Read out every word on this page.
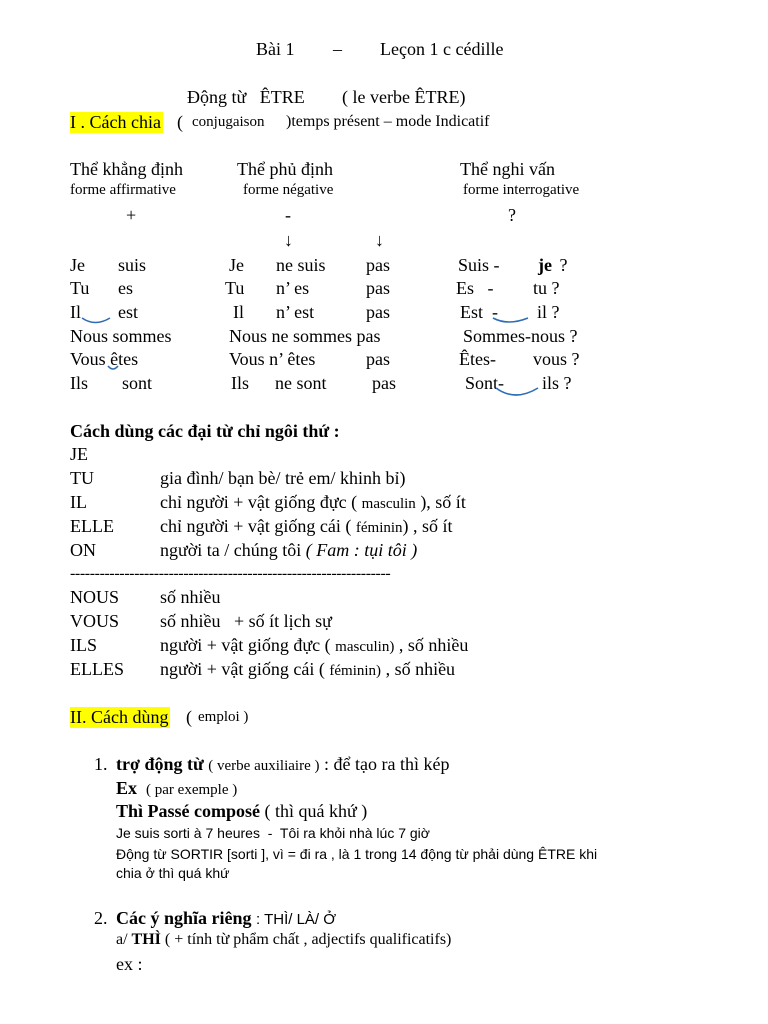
Bài 1 – Leçon 1 c cédille
Động từ   ÊTRE ( le verbe ÊTRE)
I . Cách chia ( conjugaison )temps présent – mode Indicatif
Thể khẳng định
forme affirmative
+
Thể phủ định
forme négative
-
↓	↓
Thể nghi vấn
forme interrogative
?
Je suis	Je ne suis pas	Suis - je ?
Tu es	Tu n’ es	pas	Es   - tu ?
Il est	Il n’ est	pas	Est  - il ?
Nous sommes	Nous ne sommes pas	Sommes-nous ?
Vous êtes	Vous n’ êtes	pas	Êtes- vous ?
Ils sont	Ils ne sont	pas	Sont- ils ?
Cách dùng các đại từ chỉ ngôi thứ :
JE
TU	gia đình/ bạn bè/ trẻ em/ khinh bỉ)
IL	chỉ người + vật giống đực ( masculin ), số ít
ELLE	chỉ người + vật giống cái ( féminin) , số ít
ON	người ta / chúng tôi ( Fam : tụi tôi )
-----------------------------------------------------------------
NOUS số nhiều
VOUS số nhiều   + số ít lịch sự
ILS	người + vật giống đực ( masculin) , số nhiều
ELLES người + vật giống cái ( féminin) , số nhiều
II. Cách dùng ( emploi )
1. trợ động từ ( verbe auxiliaire ) : để tạo ra thì kép
Ex ( par exemple )
Thì Passé composé ( thì quá khứ )
Je suis sorti à 7 heures  -  Tôi ra khỏi nhà lúc 7 giờ
Động từ SORTIR [sorti ], vì = đi ra , là 1 trong 14 động từ phải dùng ÊTRE khi
chia ở thì quá khứ
2. Các ý nghĩa riêng : THÌ/ LÀ/ Ở
a/ THÌ ( + tính từ phẩm chất , adjectifs qualificatifs)
ex :
